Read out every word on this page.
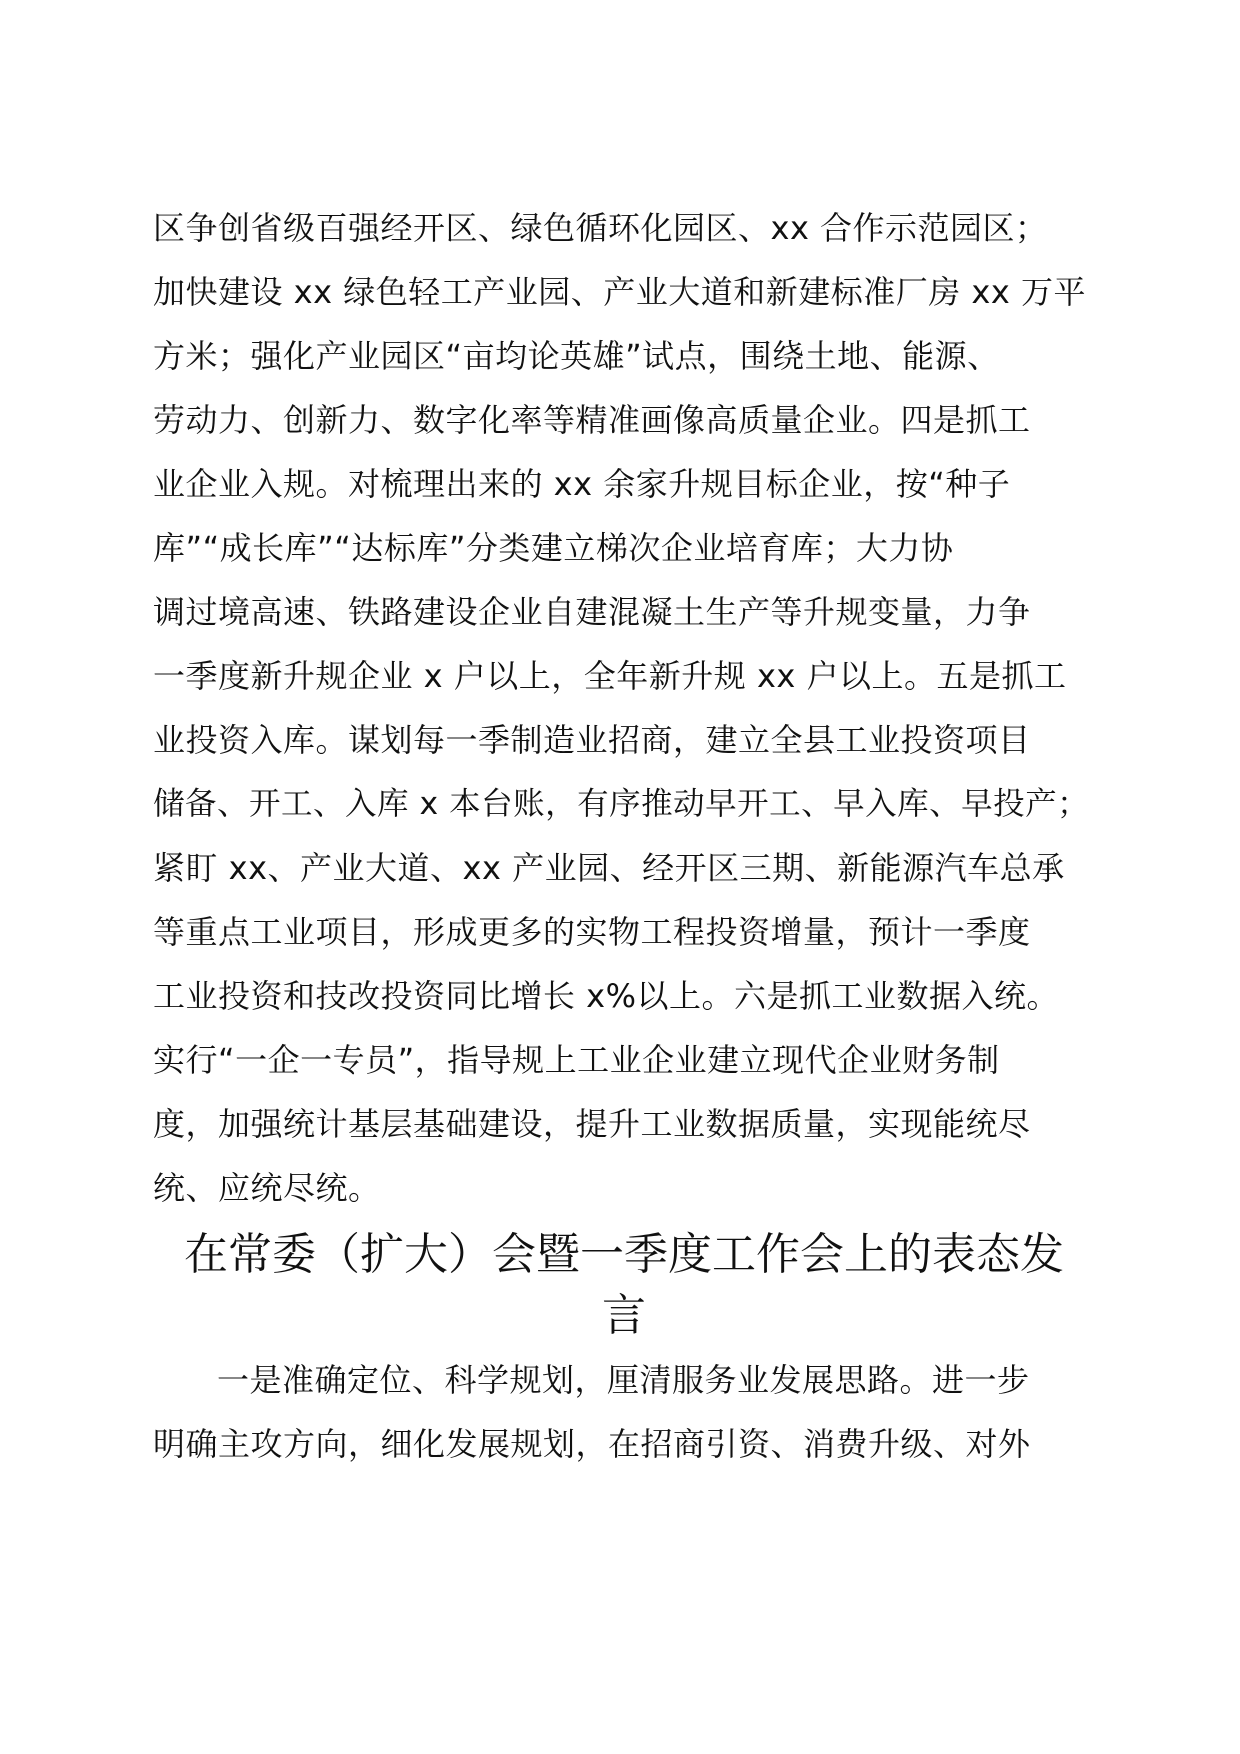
区争创省级百强经开区、绿色循环化园区、xx 合作示范园区；
加快建设 xx 绿色轻工产业园、产业大道和新建标准厂房 xx 万平
方米；强化产业园区“亩均论英雄”试点，围绕土地、能源、
劳动力、创新力、数字化率等精准画像高质量企业。四是抓工
业企业入规。对梳理出来的 xx 余家升规目标企业，按“种子
库”“成长库”“达标库”分类建立梯次企业培育库；大力协
调过境高速、铁路建设企业自建混凝土生产等升规变量，力争
一季度新升规企业 x 户以上，全年新升规 xx 户以上。五是抓工
业投资入库。谋划每一季制造业招商，建立全县工业投资项目
储备、开工、入库 x 本台账，有序推动早开工、早入库、早投产；
紧盯 xx、产业大道、xx 产业园、经开区三期、新能源汽车总承
等重点工业项目，形成更多的实物工程投资增量，预计一季度
工业投资和技改投资同比增长 x%以上。六是抓工业数据入统。
实行“一企一专员”，指导规上工业企业建立现代企业财务制
度，加强统计基层基础建设，提升工业数据质量，实现能统尽
统、应统尽统。
在常委（扩大）会暨一季度工作会上的表态发
言
一是准确定位、科学规划，厘清服务业发展思路。进一步
明确主攻方向，细化发展规划，在招商引资、消费升级、对外
